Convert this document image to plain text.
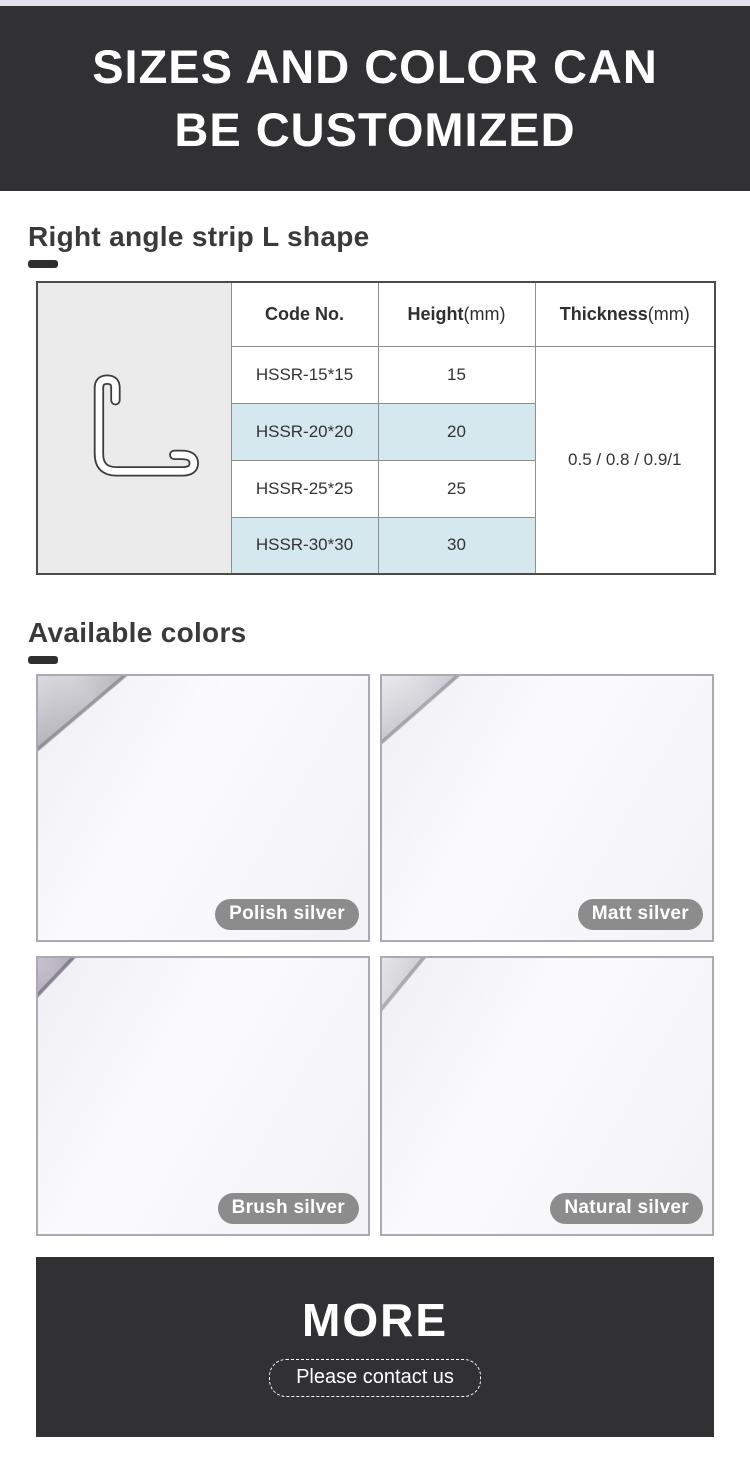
SIZES AND COLOR CAN
BE CUSTOMIZED
Right angle strip L shape
	Code No.	Height(mm)	Thickness(mm)
	HSSR-15*15	15	0.5 / 0.8 / 0.9/1
	HSSR-20*20	20	
	HSSR-25*25	25	
	HSSR-30*30	30	
Available colors
Polish silver	Matt silver
Brush silver	Natural silver
MORE
Please contact us
